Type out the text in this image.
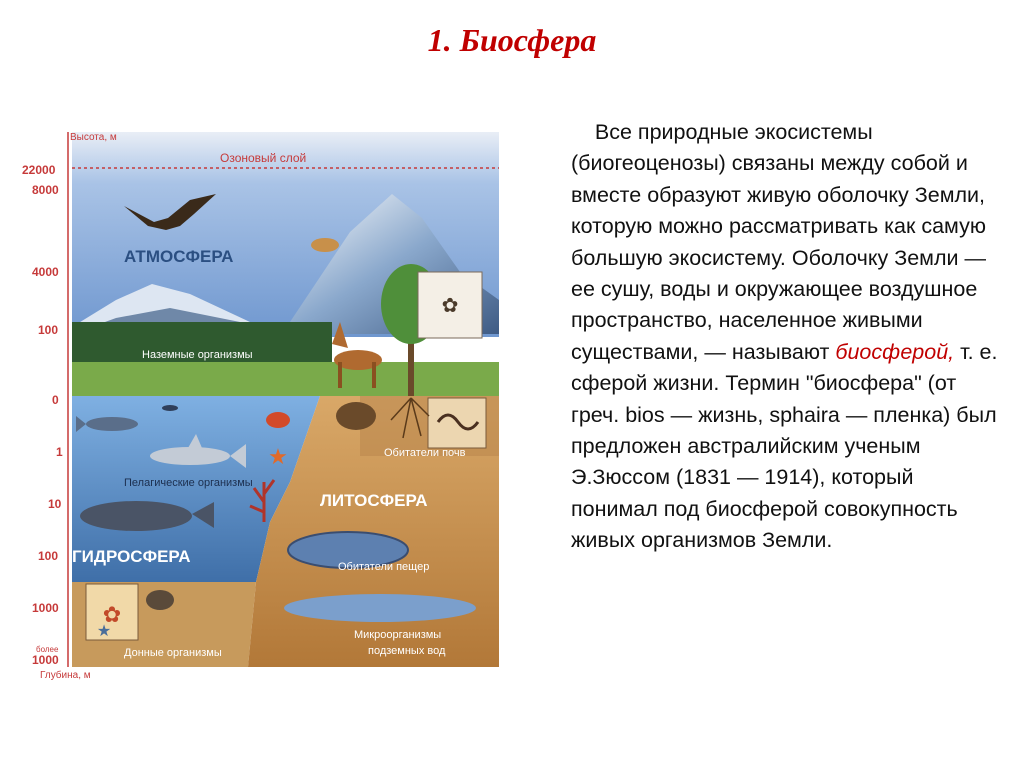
1. Биосфера
✿
★
✿
★
Высота, м
Глубина, м
22000
8000
4000
100
0
1
10
100
1000
более
1000
Озоновый слой
АТМОСФЕРА
Наземные организмы
Обитатели почв
Пелагические организмы
ЛИТОСФЕРА
ГИДРОСФЕРА
Обитатели пещер
Донные организмы
Микроорганизмы
подземных вод

Все природные экосистемы (биогеоценозы) связаны между собой и вместе образуют живую оболочку Земли, которую можно рассматривать как самую большую экосистему. Оболочку Земли — ее сушу, воды и окружающее воздушное пространство, населенное живыми существами, — называют биосферой, т. е. сферой жизни. Термин "биосфера" (от греч. bios — жизнь, sphaira — пленка) был предложен австралийским ученым Э.Зюссом (1831 — 1914), который понимал под биосферой совокупность живых организмов Земли.
